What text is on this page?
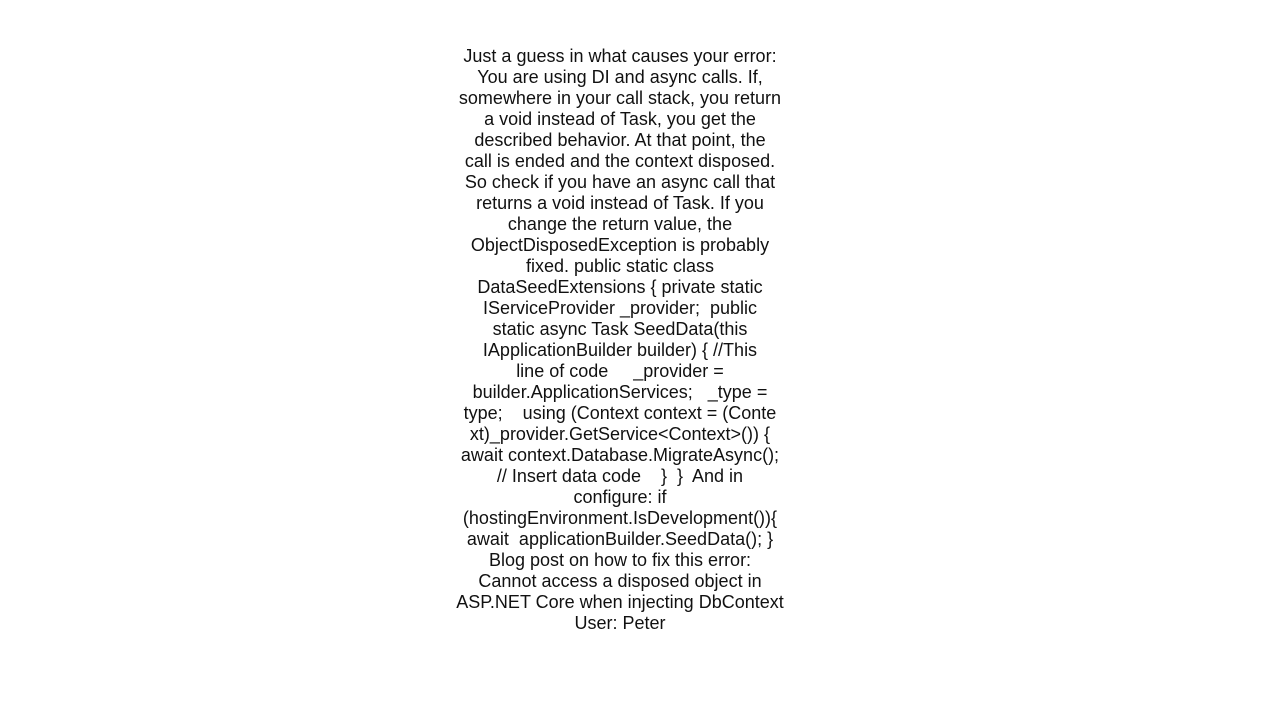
Just a guess in what causes your error:
You are using DI and async calls. If,
somewhere in your call stack, you return
a void instead of Task, you get the
described behavior. At that point, the
call is ended and the context disposed.
So check if you have an async call that
returns a void instead of Task. If you
change the return value, the
ObjectDisposedException is probably
fixed. public static class
DataSeedExtensions { private static
IServiceProvider _provider;  public
static async Task SeedData(this
IApplicationBuilder builder) { //This
line of code     _provider =
builder.ApplicationServices;   _type =
type;    using (Context context = (Conte
xt)_provider.GetService<Context>()) {
await context.Database.MigrateAsync();
// Insert data code    }  }  And in
configure: if
(hostingEnvironment.IsDevelopment()){
await  applicationBuilder.SeedData(); }
Blog post on how to fix this error:
Cannot access a disposed object in
ASP.NET Core when injecting DbContext
User: Peter
